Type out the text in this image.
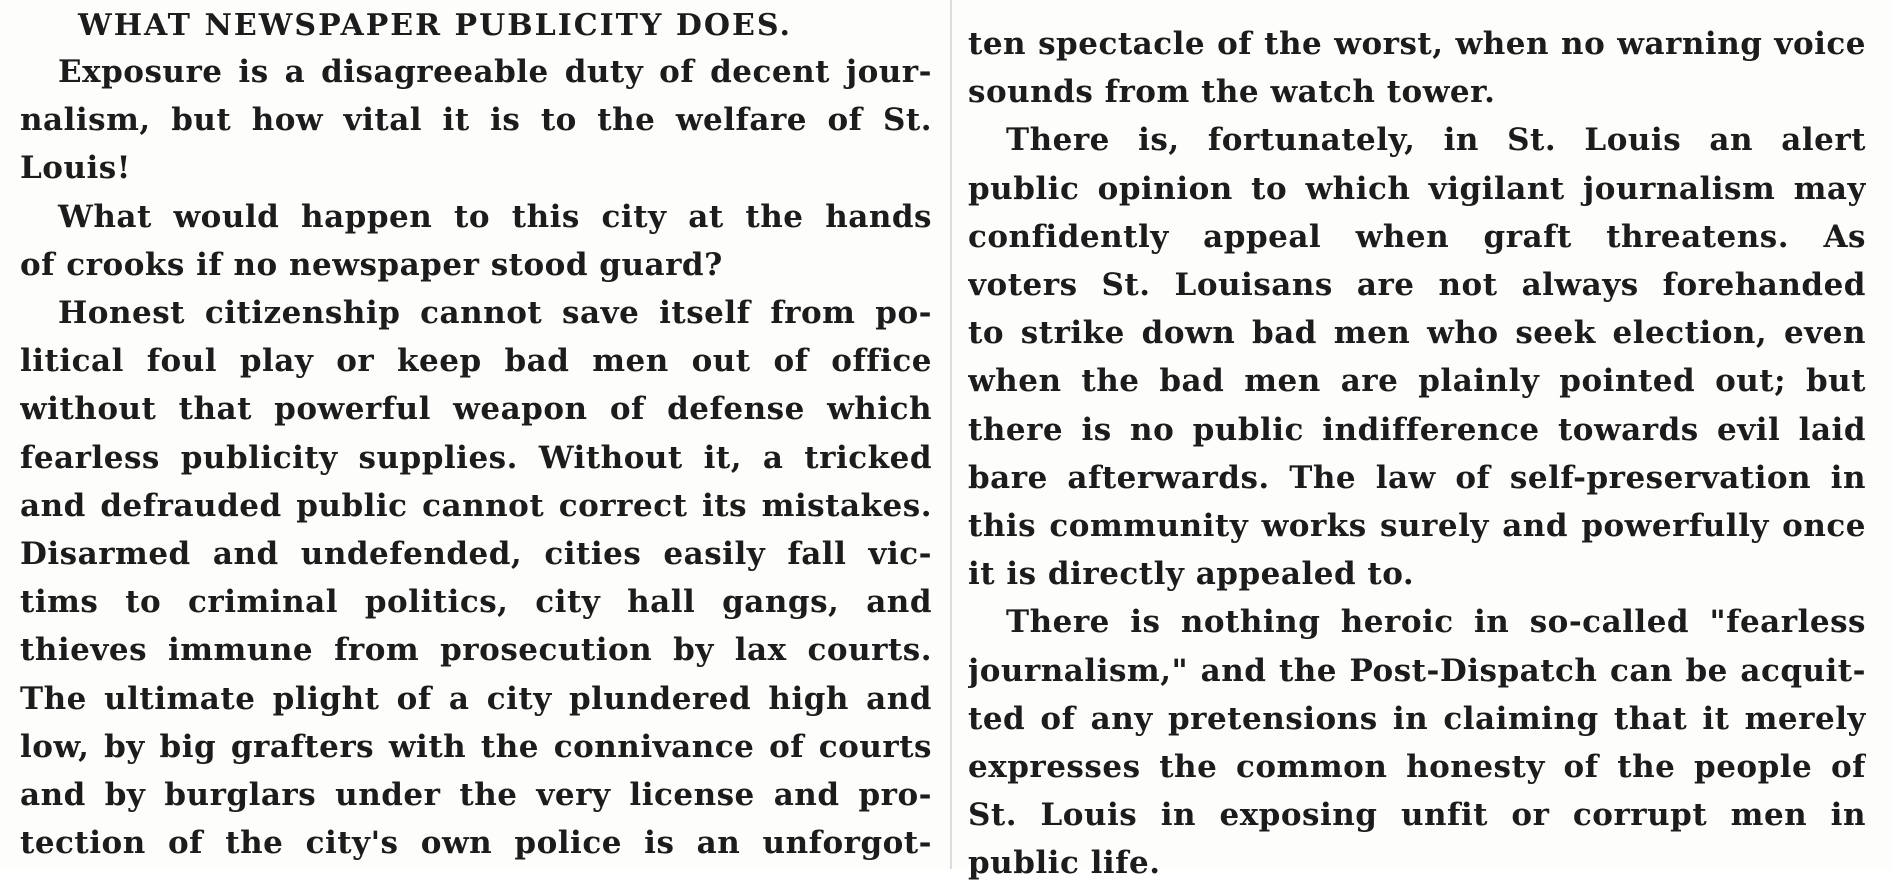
WHAT NEWSPAPER PUBLICITY DOES.
Exposure is a disagreeable duty of decent jour-
nalism, but how vital it is to the welfare of St.
Louis!
What would happen to this city at the hands
of crooks if no newspaper stood guard?
Honest citizenship cannot save itself from po-
litical foul play or keep bad men out of office
without that powerful weapon of defense which
fearless publicity supplies. Without it, a tricked
and defrauded public cannot correct its mistakes.
Disarmed and undefended, cities easily fall vic-
tims to criminal politics, city hall gangs, and
thieves immune from prosecution by lax courts.
The ultimate plight of a city plundered high and
low, by big grafters with the connivance of courts
and by burglars under the very license and pro-
tection of the city's own police is an unforgot-
ten spectacle of the worst, when no warning voice
sounds from the watch tower.
There is, fortunately, in St. Louis an alert
public opinion to which vigilant journalism may
confidently appeal when graft threatens. As
voters St. Louisans are not always forehanded
to strike down bad men who seek election, even
when the bad men are plainly pointed out; but
there is no public indifference towards evil laid
bare afterwards. The law of self-preservation in
this community works surely and powerfully once
it is directly appealed to.
There is nothing heroic in so-called "fearless
journalism," and the Post-Dispatch can be acquit-
ted of any pretensions in claiming that it merely
expresses the common honesty of the people of
St. Louis in exposing unfit or corrupt men in
public life.
